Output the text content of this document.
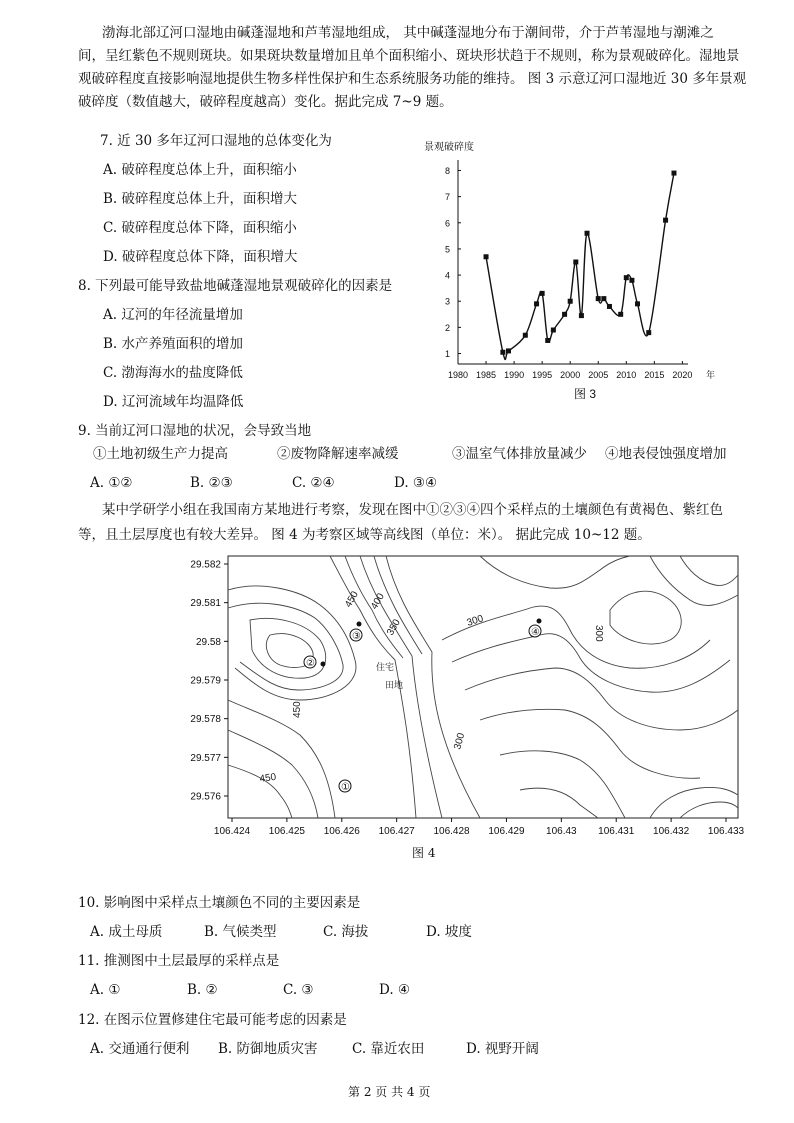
渤海北部辽河口湿地由碱蓬湿地和芦苇湿地组成， 其中碱蓬湿地分布于潮间带，介于芦苇湿地与潮滩之
间，呈红紫色不规则斑块。如果斑块数量增加且单个面积缩小、斑块形状趋于不规则，称为景观破碎化。湿地景
观破碎程度直接影响湿地提供生物多样性保护和生态系统服务功能的维持。 图 3 示意辽河口湿地近 30 多年景观
破碎度（数值越大，破碎程度越高）变化。据此完成 7~9 题。
7. 近 30 多年辽河口湿地的总体变化为
A. 破碎程度总体上升，面积缩小
B. 破碎程度总体上升，面积增大
C. 破碎程度总体下降，面积缩小
D. 破碎程度总体下降，面积增大
8. 下列最可能导致盐地碱蓬湿地景观破碎化的因素是
A. 辽河的年径流量增加
B. 水产养殖面积的增加
C. 渤海海水的盐度降低
D. 辽河流域年均温降低
景观破碎度
1
2
3
4
5
6
7
8
1980 1985 1990 1995 2000 2005 2010 2015 2020 年
图 3
9. 当前辽河口湿地的状况，会导致当地
①土地初级生产力提高	②废物降解速率减缓	③温室气体排放量减少 ④地表侵蚀强度增加
A. ①②	B. ②③	C. ②④	D. ③④
某中学研学小组在我国南方某地进行考察，发现在图中①②③④四个采样点的土壤颜色有黄褐色、紫红色
等，且土层厚度也有较大差异。 图 4 为考察区域等高线图（单位：米）。 据此完成 10~12 题。
450 400
350	300
450
300
450
300
住宅
田地
①
②
③	④
106.424 106.425 106.426 106.427 106.428 106.429 106.43 106.431 106.432 106.433
29.582
29.581
29.58
29.579
29.578
29.577
29.576
图 4
10. 影响图中采样点土壤颜色不同的主要因素是
A. 成土母质	B. 气候类型	C. 海拔	D. 坡度
11. 推测图中土层最厚的采样点是
A. ①	B. ②	C. ③	D. ④
12. 在图示位置修建住宅最可能考虑的因素是
A. 交通通行便利 B. 防御地质灾害	C. 靠近农田	D. 视野开阔
第 2 页 共 4 页
